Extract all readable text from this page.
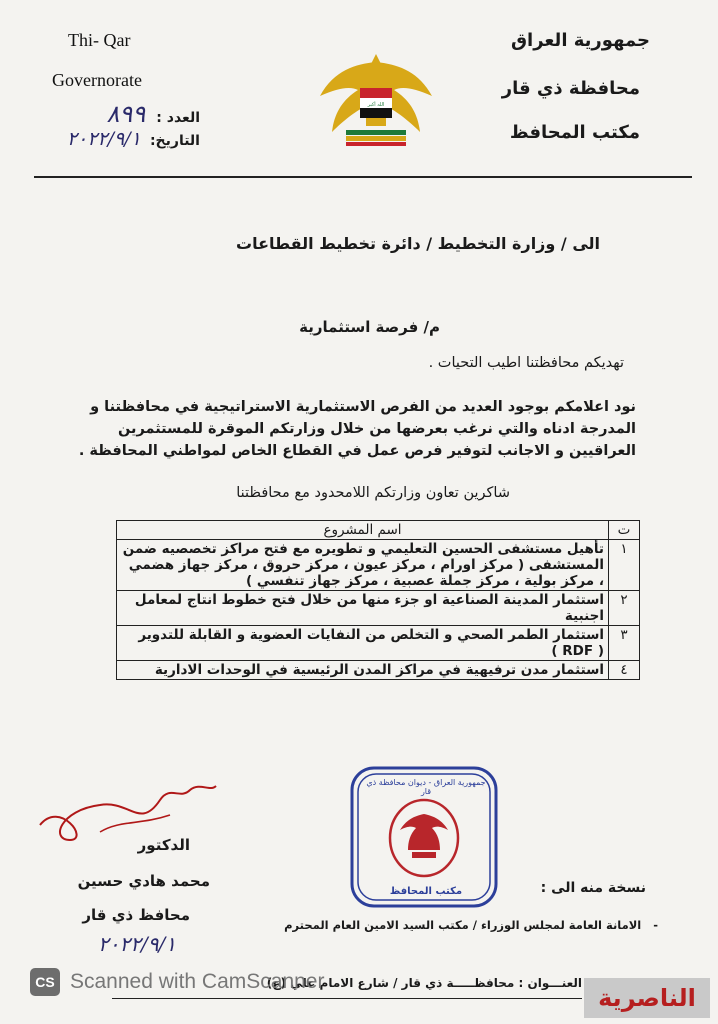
Thi- Qar
Governorate
العدد : ٨٩٩
التاريخ: ٢٠٢٢/٩/١
الله أكبر
جمهورية العراق
محافظة ذي قار
مكتب المحافظ
الى / وزارة التخطيط / دائرة تخطيط القطاعات
م/ فرصة استثمارية
تهديكم محافظتنا اطيب التحيات .
نود اعلامكم بوجود العديد من الفرص الاستثمارية الاستراتيجية في محافظتنا و
المدرجة ادناه والتي نرغب بعرضها من خلال وزارتكم الموقرة للمستثمرين
العراقيين و الاجانب لتوفير فرص عمل في القطاع الخاص لمواطني المحافظة .
شاكرين تعاون وزارتكم اللامحدود مع محافظتنا
ت	اسم المشروع
١	تأهيل مستشفى الحسين التعليمي و تطويره مع فتح مراكز تخصصيه ضمن
المستشفى ( مركز اورام ، مركز عيون ، مركز حروق ، مركز جهاز هضمي
، مركز بولية ، مركز جملة عصبية ، مركز جهاز تنفسي )

٢	استثمار المدينة الصناعية او جزء منها من خلال فتح خطوط انتاج لمعامل
اجنبية

٣	استثمار الطمر الصحي و التخلص من النفايات العضوية و القابلة للتدوير
( RDF )

٤	استثمار مدن ترفيهية في مراكز المدن الرئيسية في الوحدات الادارية
الدكتور
محمد هادي حسين
محافظ ذي قار
٢٠٢٢/٩/١
جمهورية العراق - ديوان محافظة ذي قار
مكتب المحافظ	نسخة منه الى :
- الامانة العامة لمجلس الوزراء / مكتب السيد الامين العام المحترم
العنـــوان : محافظـــــة ذي قار / شارع الامام علي (ع)
CS Scanned with CamScanner
الناصرية
